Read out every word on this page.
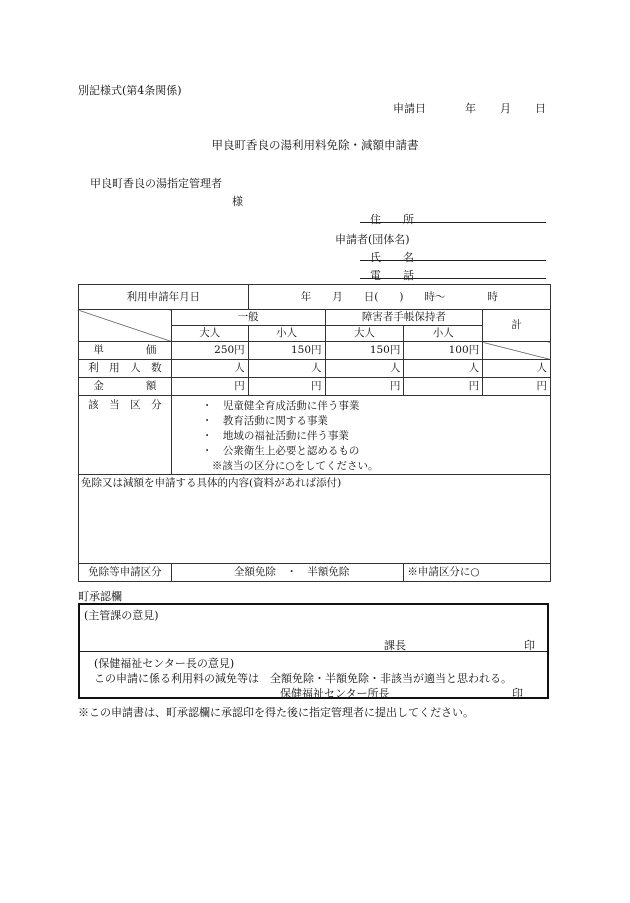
別記様式(第4条関係)
申請日	年 月 日
甲良町香良の湯利用料免除・減額申請書
甲良町香良の湯指定管理者
様
住　　所
申請者(団体名)
氏　　名
電　　話
利用申請年月日		年　　月　　日(　　)　　時〜　　　　時			
	一般		障害者手帳保持者		計
	大人	小人	大人	小人	
単　　　　価	250円	150円	150円	100円	
利　用　人　数	人	人	人	人	人
金　　　　額	円	円	円	円	円
該　当　区　分	・　児童健全育成活動に伴う事業
・　教育活動に関する事業
・　地域の福祉活動に伴う事業
・　公衆衛生上必要と認めるもの
※該当の区分に○をしてください。				

免除又は減額を申請する具体的内容(資料があれば添付)					
免除等申請区分	全額免除　・　半額免除			※申請区分に○	
町承認欄
(主管課の意見)
課長	印
(保健福祉センター長の意見)
この申請に係る利用料の減免等は　全額免除・半額免除・非該当が適当と思われる。
保健福祉センター所長	印
※この申請書は、町承認欄に承認印を得た後に指定管理者に提出してください。
